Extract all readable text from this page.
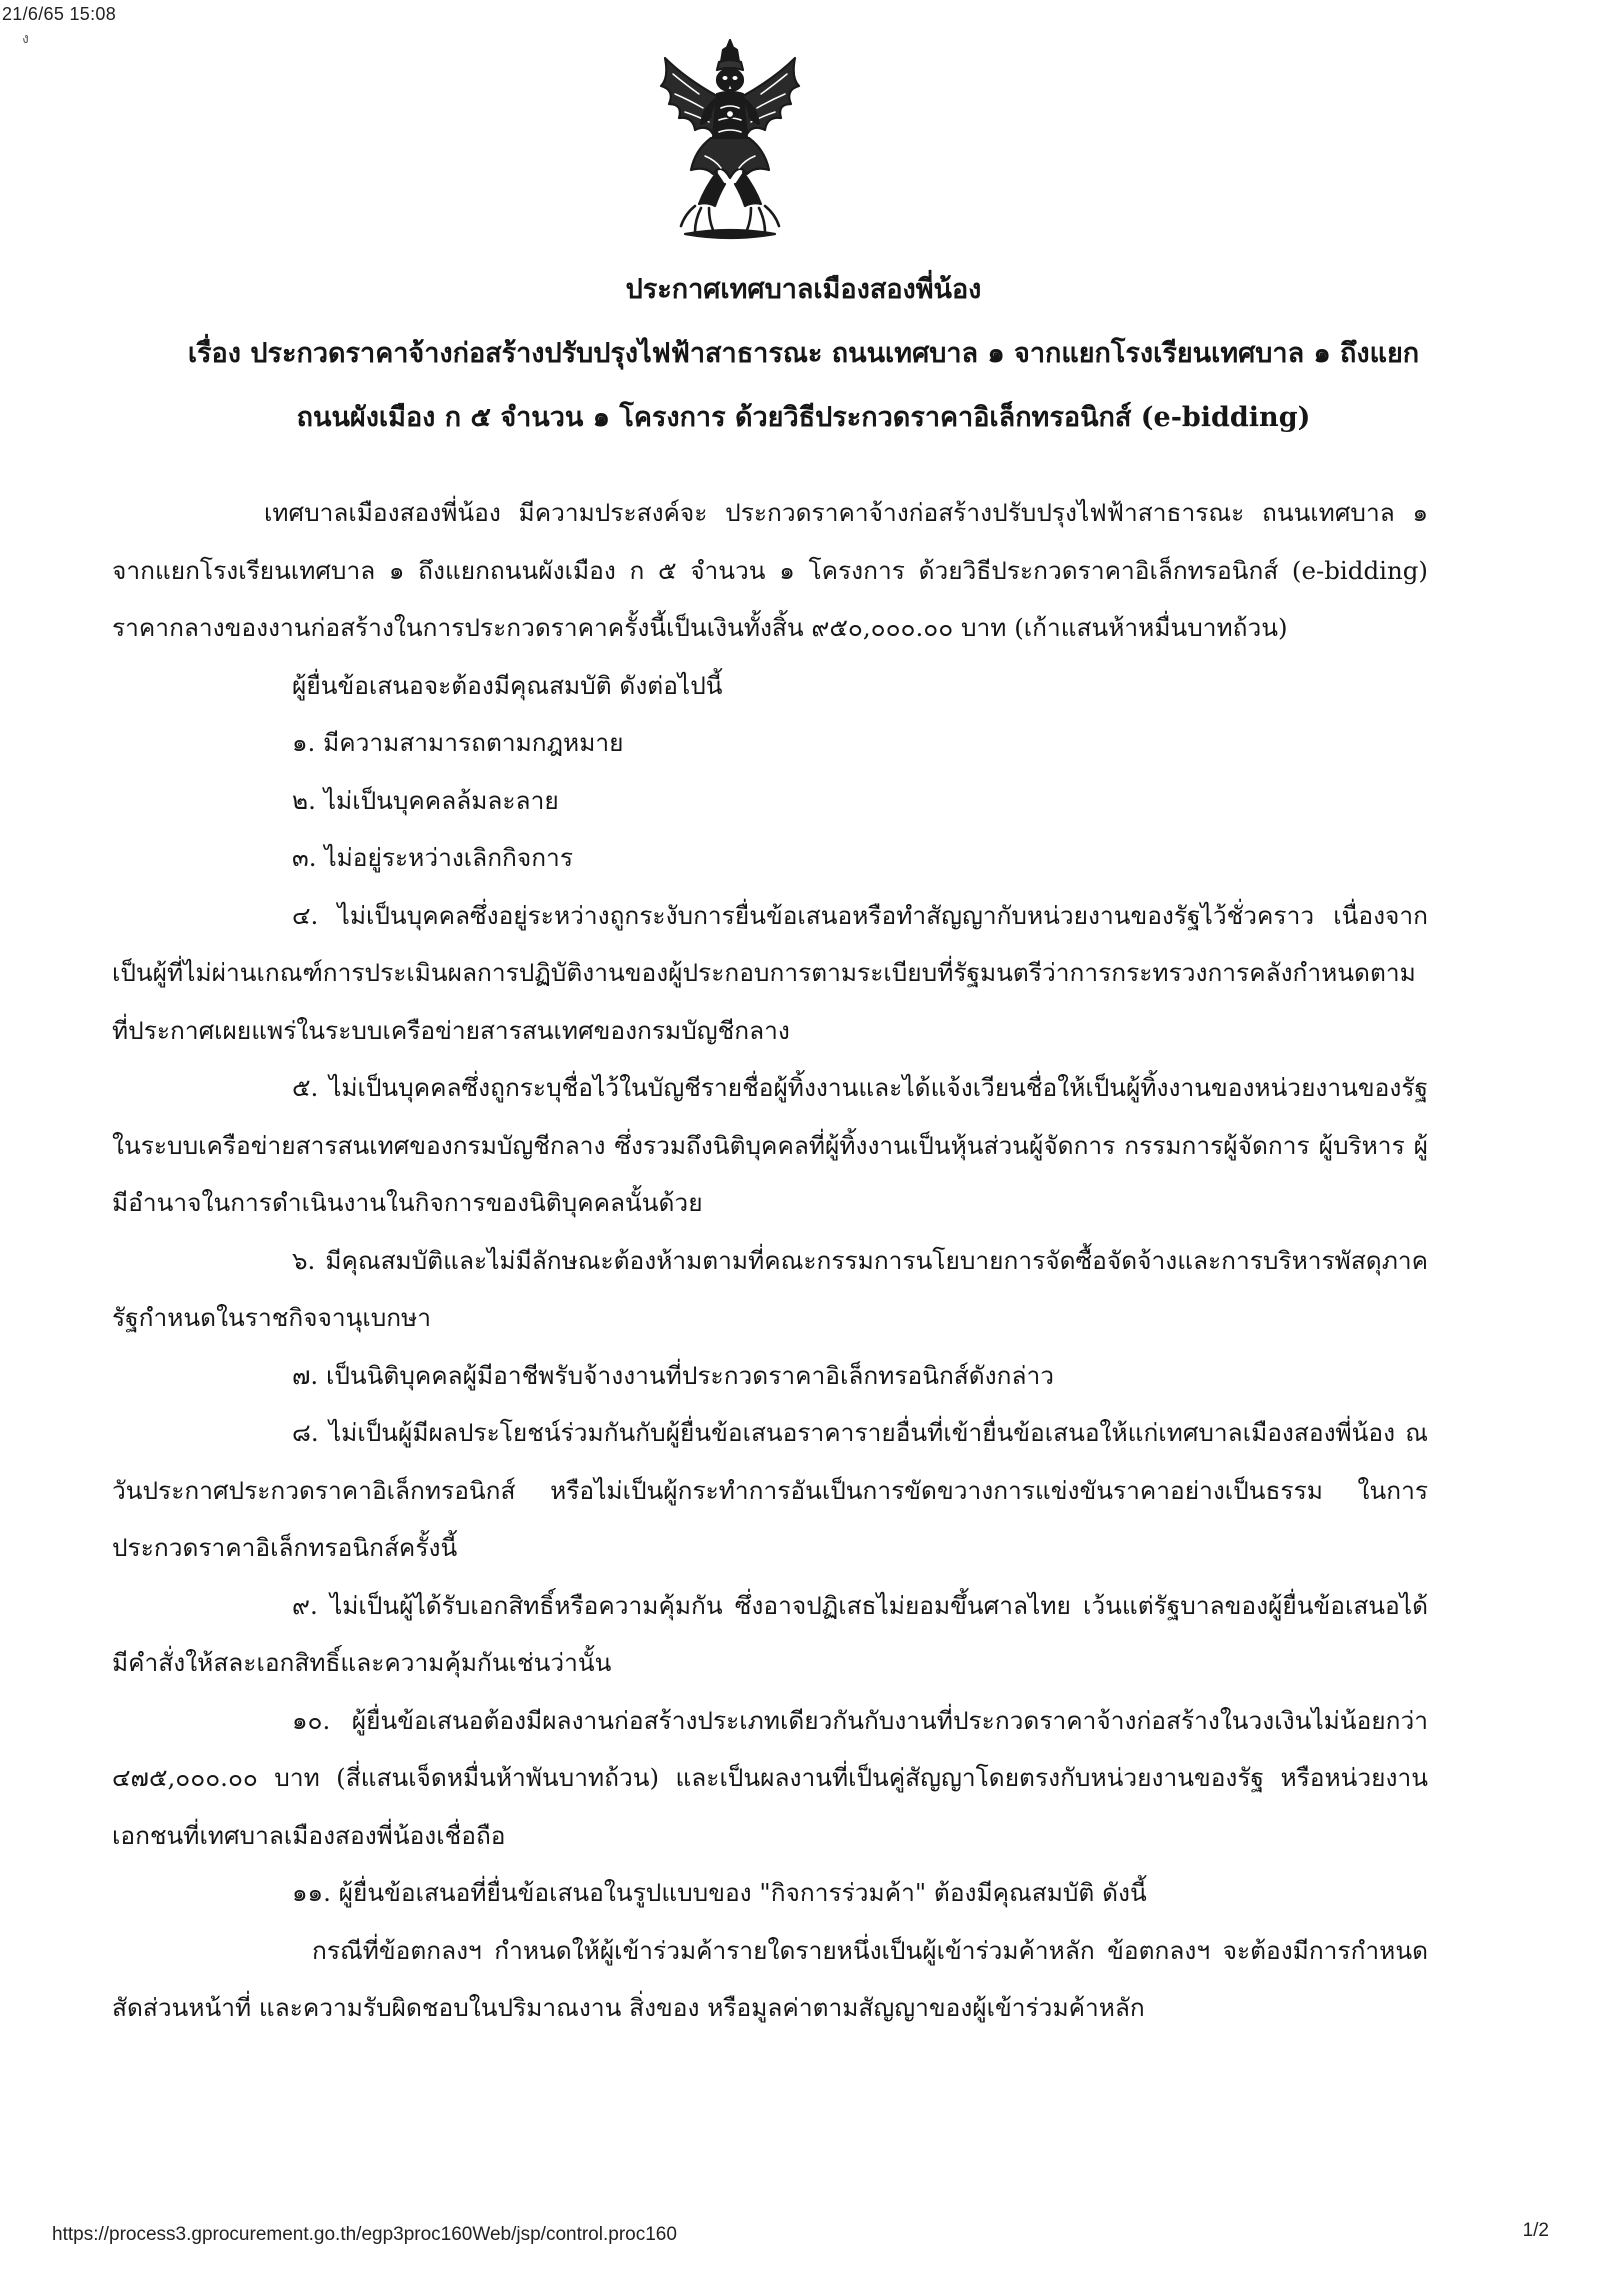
21/6/65 15:08
ง
ประกาศเทศบาลเมืองสองพี่น้อง
เรื่อง ประกวดราคาจ้างก่อสร้างปรับปรุงไฟฟ้าสาธารณะ ถนนเทศบาล ๑ จากแยกโรงเรียนเทศบาล ๑ ถึงแยก
ถนนผังเมือง ก ๕ จำนวน ๑ โครงการ ด้วยวิธีประกวดราคาอิเล็กทรอนิกส์ (e-bidding)

เทศบาลเมืองสองพี่น้อง มีความประสงค์จะ ประกวดราคาจ้างก่อสร้างปรับปรุงไฟฟ้าสาธารณะ ถนนเทศบาล ๑ จากแยกโรงเรียนเทศบาล ๑ ถึงแยกถนนผังเมือง ก ๕ จำนวน ๑ โครงการ ด้วยวิธีประกวดราคาอิเล็กทรอนิกส์ (e-bidding) ราคากลางของงานก่อสร้างในการประกวดราคาครั้งนี้เป็นเงินทั้งสิ้น ๙๕๐,๐๐๐.๐๐ บาท (เก้าแสนห้าหมื่นบาทถ้วน)

ผู้ยื่นข้อเสนอจะต้องมีคุณสมบัติ ดังต่อไปนี้

๑. มีความสามารถตามกฎหมาย

๒. ไม่เป็นบุคคลล้มละลาย

๓. ไม่อยู่ระหว่างเลิกกิจการ

๔. ไม่เป็นบุคคลซึ่งอยู่ระหว่างถูกระงับการยื่นข้อเสนอหรือทำสัญญากับหน่วยงานของรัฐไว้ชั่วคราว เนื่องจากเป็นผู้ที่ไม่ผ่านเกณฑ์การประเมินผลการปฏิบัติงานของผู้ประกอบการตามระเบียบที่รัฐมนตรีว่าการกระทรวงการคลังกำหนดตามที่ประกาศเผยแพร่ในระบบเครือข่ายสารสนเทศของกรมบัญชีกลาง

๕. ไม่เป็นบุคคลซึ่งถูกระบุชื่อไว้ในบัญชีรายชื่อผู้ทิ้งงานและได้แจ้งเวียนชื่อให้เป็นผู้ทิ้งงานของหน่วยงานของรัฐในระบบเครือข่ายสารสนเทศของกรมบัญชีกลาง ซึ่งรวมถึงนิติบุคคลที่ผู้ทิ้งงานเป็นหุ้นส่วนผู้จัดการ กรรมการผู้จัดการ ผู้บริหาร ผู้มีอำนาจในการดำเนินงานในกิจการของนิติบุคคลนั้นด้วย

๖. มีคุณสมบัติและไม่มีลักษณะต้องห้ามตามที่คณะกรรมการนโยบายการจัดซื้อจัดจ้างและการบริหารพัสดุภาครัฐกำหนดในราชกิจจานุเบกษา

๗. เป็นนิติบุคคลผู้มีอาชีพรับจ้างงานที่ประกวดราคาอิเล็กทรอนิกส์ดังกล่าว

๘. ไม่เป็นผู้มีผลประโยชน์ร่วมกันกับผู้ยื่นข้อเสนอราคารายอื่นที่เข้ายื่นข้อเสนอให้แก่เทศบาลเมืองสองพี่น้อง ณ วันประกาศประกวดราคาอิเล็กทรอนิกส์ หรือไม่เป็นผู้กระทำการอันเป็นการขัดขวางการแข่งขันราคาอย่างเป็นธรรม ในการประกวดราคาอิเล็กทรอนิกส์ครั้งนี้

๙. ไม่เป็นผู้ได้รับเอกสิทธิ์หรือความคุ้มกัน ซึ่งอาจปฏิเสธไม่ยอมขึ้นศาลไทย เว้นแต่รัฐบาลของผู้ยื่นข้อเสนอได้มีคำสั่งให้สละเอกสิทธิ์และความคุ้มกันเช่นว่านั้น

๑๐. ผู้ยื่นข้อเสนอต้องมีผลงานก่อสร้างประเภทเดียวกันกับงานที่ประกวดราคาจ้างก่อสร้างในวงเงินไม่น้อยกว่า ๔๗๕,๐๐๐.๐๐ บาท (สี่แสนเจ็ดหมื่นห้าพันบาทถ้วน) และเป็นผลงานที่เป็นคู่สัญญาโดยตรงกับหน่วยงานของรัฐ หรือหน่วยงานเอกชนที่เทศบาลเมืองสองพี่น้องเชื่อถือ

๑๑. ผู้ยื่นข้อเสนอที่ยื่นข้อเสนอในรูปแบบของ "กิจการร่วมค้า" ต้องมีคุณสมบัติ ดังนี้

กรณีที่ข้อตกลงฯ กำหนดให้ผู้เข้าร่วมค้ารายใดรายหนึ่งเป็นผู้เข้าร่วมค้าหลัก ข้อตกลงฯ จะต้องมีการกำหนดสัดส่วนหน้าที่ และความรับผิดชอบในปริมาณงาน สิ่งของ หรือมูลค่าตามสัญญาของผู้เข้าร่วมค้าหลัก

https://process3.gprocurement.go.th/egp3proc160Web/jsp/control.proc160	1/2
